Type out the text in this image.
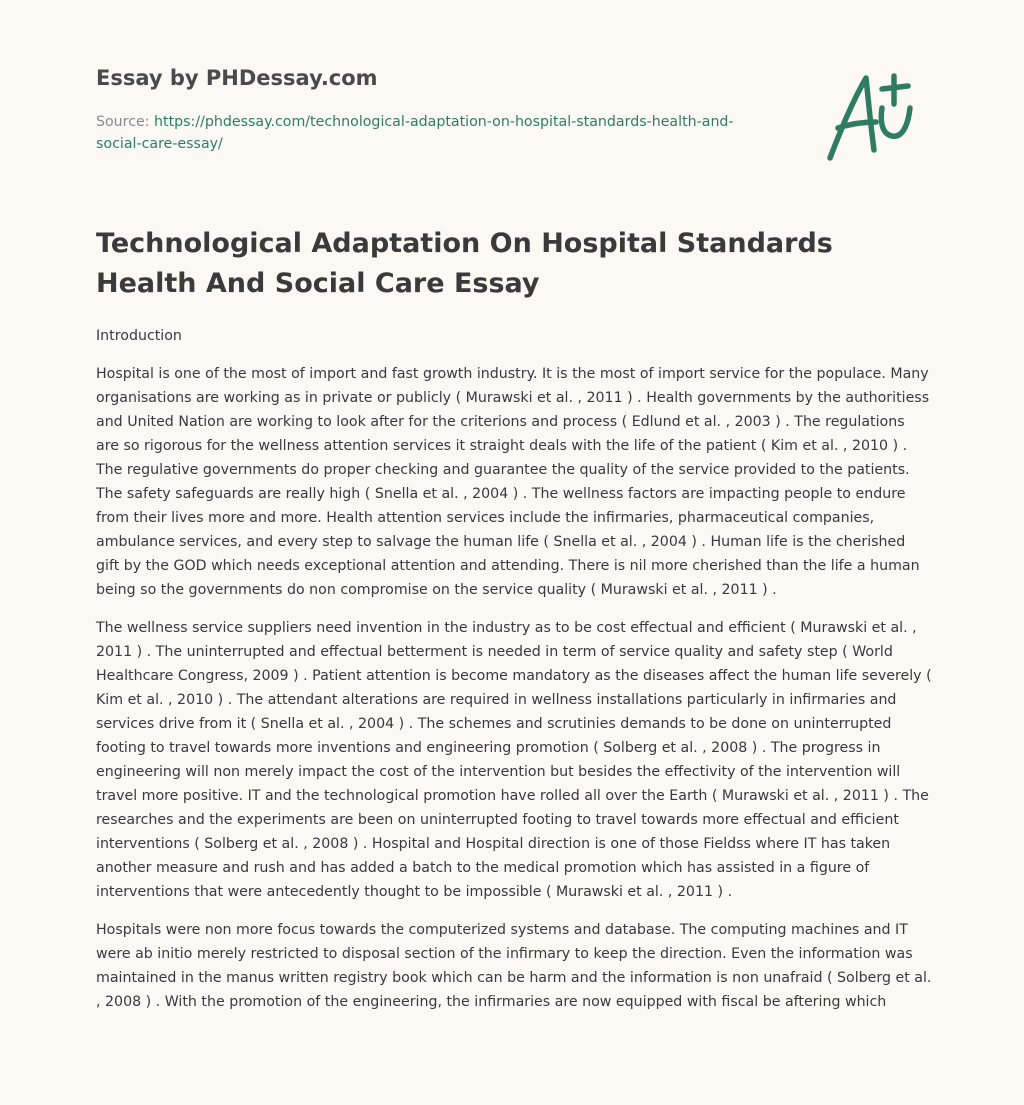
Essay by PHDessay.com
Source: https://phdessay.com/technological-adaptation-on-hospital-standards-health-and-social-care-essay/
Technological Adaptation On Hospital Standards Health And Social Care Essay

Introduction

Hospital is one of the most of import and fast growth industry. It is the most of import service for the populace. Many organisations are working as in private or publicly ( Murawski et al. , 2011 ) . Health governments by the authoritiess and United Nation are working to look after for the criterions and process ( Edlund et al. , 2003 ) . The regulations are so rigorous for the wellness attention services it straight deals with the life of the patient ( Kim et al. , 2010 ) . The regulative governments do proper checking and guarantee the quality of the service provided to the patients. The safety safeguards are really high ( Snella et al. , 2004 ) . The wellness factors are impacting people to endure from their lives more and more. Health attention services include the infirmaries, pharmaceutical companies, ambulance services, and every step to salvage the human life ( Snella et al. , 2004 ) . Human life is the cherished gift by the GOD which needs exceptional attention and attending. There is nil more cherished than the life a human being so the governments do non compromise on the service quality ( Murawski et al. , 2011 ) .

The wellness service suppliers need invention in the industry as to be cost effectual and efficient ( Murawski et al. , 2011 ) . The uninterrupted and effectual betterment is needed in term of service quality and safety step ( World Healthcare Congress, 2009 ) . Patient attention is become mandatory as the diseases affect the human life severely ( Kim et al. , 2010 ) . The attendant alterations are required in wellness installations particularly in infirmaries and services drive from it ( Snella et al. , 2004 ) . The schemes and scrutinies demands to be done on uninterrupted footing to travel towards more inventions and engineering promotion ( Solberg et al. , 2008 ) . The progress in engineering will non merely impact the cost of the intervention but besides the effectivity of the intervention will travel more positive. IT and the technological promotion have rolled all over the Earth ( Murawski et al. , 2011 ) . The researches and the experiments are been on uninterrupted footing to travel towards more effectual and efficient interventions ( Solberg et al. , 2008 ) . Hospital and Hospital direction is one of those Fieldss where IT has taken another measure and rush and has added a batch to the medical promotion which has assisted in a figure of interventions that were antecedently thought to be impossible ( Murawski et al. , 2011 ) .

Hospitals were non more focus towards the computerized systems and database. The computing machines and IT were ab initio merely restricted to disposal section of the infirmary to keep the direction. Even the information was maintained in the manus written registry book which can be harm and the information is non unafraid ( Solberg et al. , 2008 ) . With the promotion of the engineering, the infirmaries are now equipped with fiscal be aftering which
